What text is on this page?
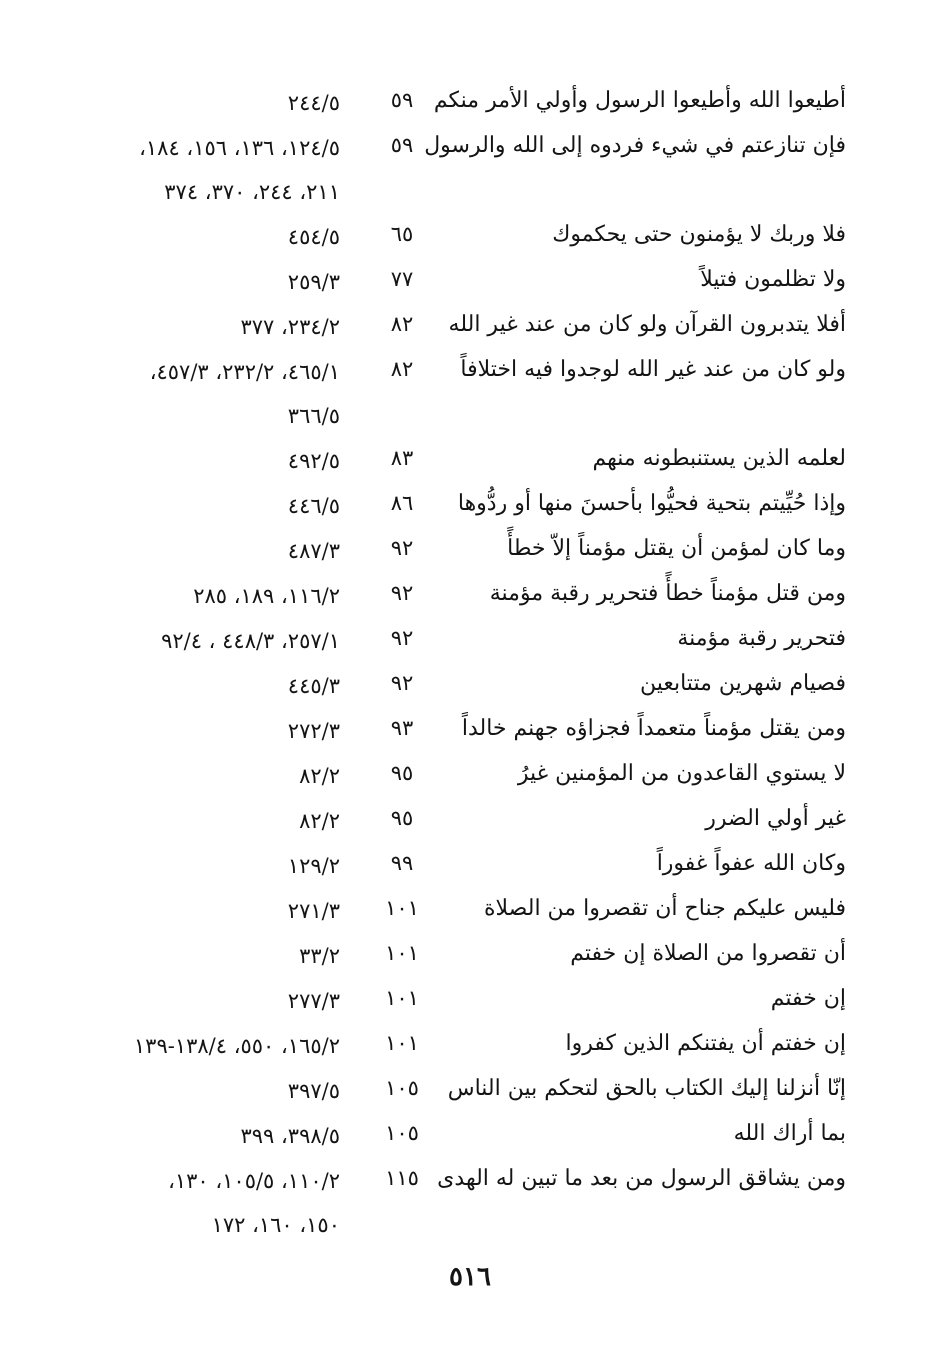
أطيعوا الله وأطيعوا الرسول وأولي الأمر منكم
٥٩
٢٤٤/٥
فإن تنازعتم في شيء فردوه إلى الله والرسول
٥٩
١٢٤/٥، ١٣٦، ١٥٦، ١٨٤،
٢١١، ٢٤٤، ٣٧٠، ٣٧٤
فلا وربك لا يؤمنون حتى يحكموك
٦٥
٤٥٤/٥
ولا تظلمون فتيلاً
٧٧
٢٥٩/٣
أفلا يتدبرون القرآن ولو كان من عند غير الله
٨٢
٢٣٤/٢، ٣٧٧
ولو كان من عند غير الله لوجدوا فيه اختلافاً
٨٢
٤٦٥/١، ٢٣٢/٢، ٤٥٧/٣،
٣٦٦/٥
لعلمه الذين يستنبطونه منهم
٨٣
٤٩٢/٥
وإذا حُيِّيتم بتحية فحيُّوا بأحسنَ منها أو ردُّوها
٨٦
٤٤٦/٥
وما كان لمؤمن أن يقتل مؤمناً إلاّ خطأً
٩٢
٤٨٧/٣
ومن قتل مؤمناً خطأً فتحرير رقبة مؤمنة
٩٢
١١٦/٢، ١٨٩، ٢٨٥
فتحرير رقبة مؤمنة
٩٢
٢٥٧/١، ٤٤٨/٣ ، ٩٢/٤
فصيام شهرين متتابعين
٩٢
٤٤٥/٣
ومن يقتل مؤمناً متعمداً فجزاؤه جهنم خالداً
٩٣
٢٧٢/٣
لا يستوي القاعدون من المؤمنين غيرُ
٩٥
٨٢/٢
غير أولي الضرر
٩٥
٨٢/٢
وكان الله عفواً غفوراً
٩٩
١٢٩/٢
فليس عليكم جناح أن تقصروا من الصلاة
١٠١
٢٧١/٣
أن تقصروا من الصلاة إن خفتم
١٠١
٣٣/٢
إن خفتم
١٠١
٢٧٧/٣
إن خفتم أن يفتنكم الذين كفروا
١٠١
١٦٥/٢، ٥٥٠، ١٣٨/٤-١٣٩
إنّا أنزلنا إليك الكتاب بالحق لتحكم بين الناس
١٠٥
٣٩٧/٥
بما أراك الله
١٠٥
٣٩٨/٥، ٣٩٩
ومن يشاقق الرسول من بعد ما تبين له الهدى
١١٥
١١٠/٢، ١٠٥/٥، ١٣٠،
١٥٠، ١٦٠، ١٧٢
٥١٦
